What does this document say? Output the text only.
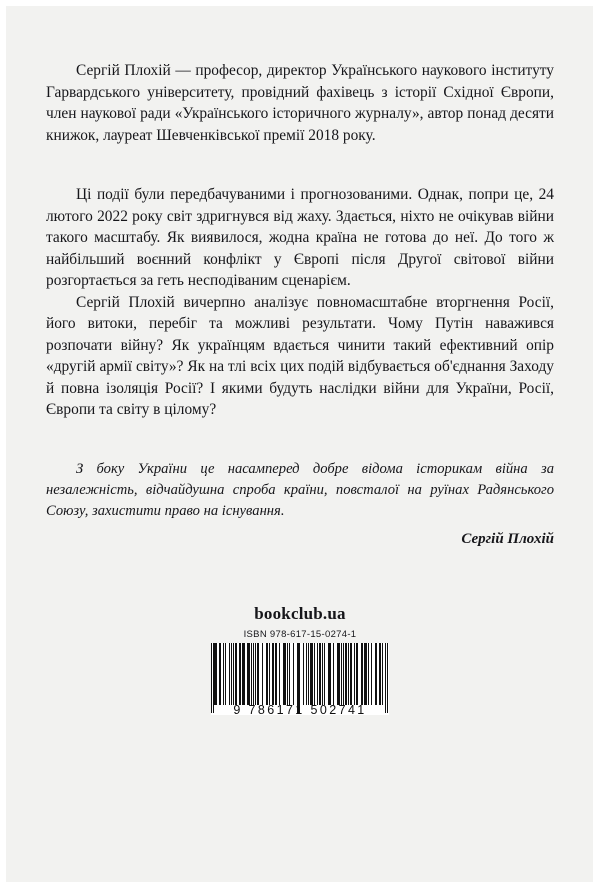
Сергій Плохій — професор, директор Українського наукового інституту Гарвардського університету, провідний фахівець з історії Східної Європи, член наукової ради «Українського історичного журналу», автор понад десяти книжок, лауреат Шевченківської премії 2018 року.

Ці події були передбачуваними і прогнозованими. Однак, попри це, 24 лютого 2022 року світ здригнувся від жаху. Здається, ніхто не очікував війни такого масштабу. Як виявилося, жодна країна не готова до неї. До того ж найбільший воєнний конфлікт у Європі після Другої світової війни розгортається за геть несподіваним сценарієм.

Сергій Плохій вичерпно аналізує повномасштабне вторгнення Росії, його витоки, перебіг та можливі результати. Чому Путін наважився розпочати війну? Як українцям вдається чинити такий ефективний опір «другій армії світу»? Як на тлі всіх цих подій відбувається об'єднання Заходу й повна ізоляція Росії? І якими будуть наслідки війни для України, Росії, Європи та світу в цілому?

З боку України це насамперед добре відома історикам війна за незалежність, відчайдушна спроба країни, повсталої на руїнах Радянського Союзу, захистити право на існування.

Сергій Плохій
bookclub.ua
ISBN 978-617-15-0274-1
9 786171 502741
